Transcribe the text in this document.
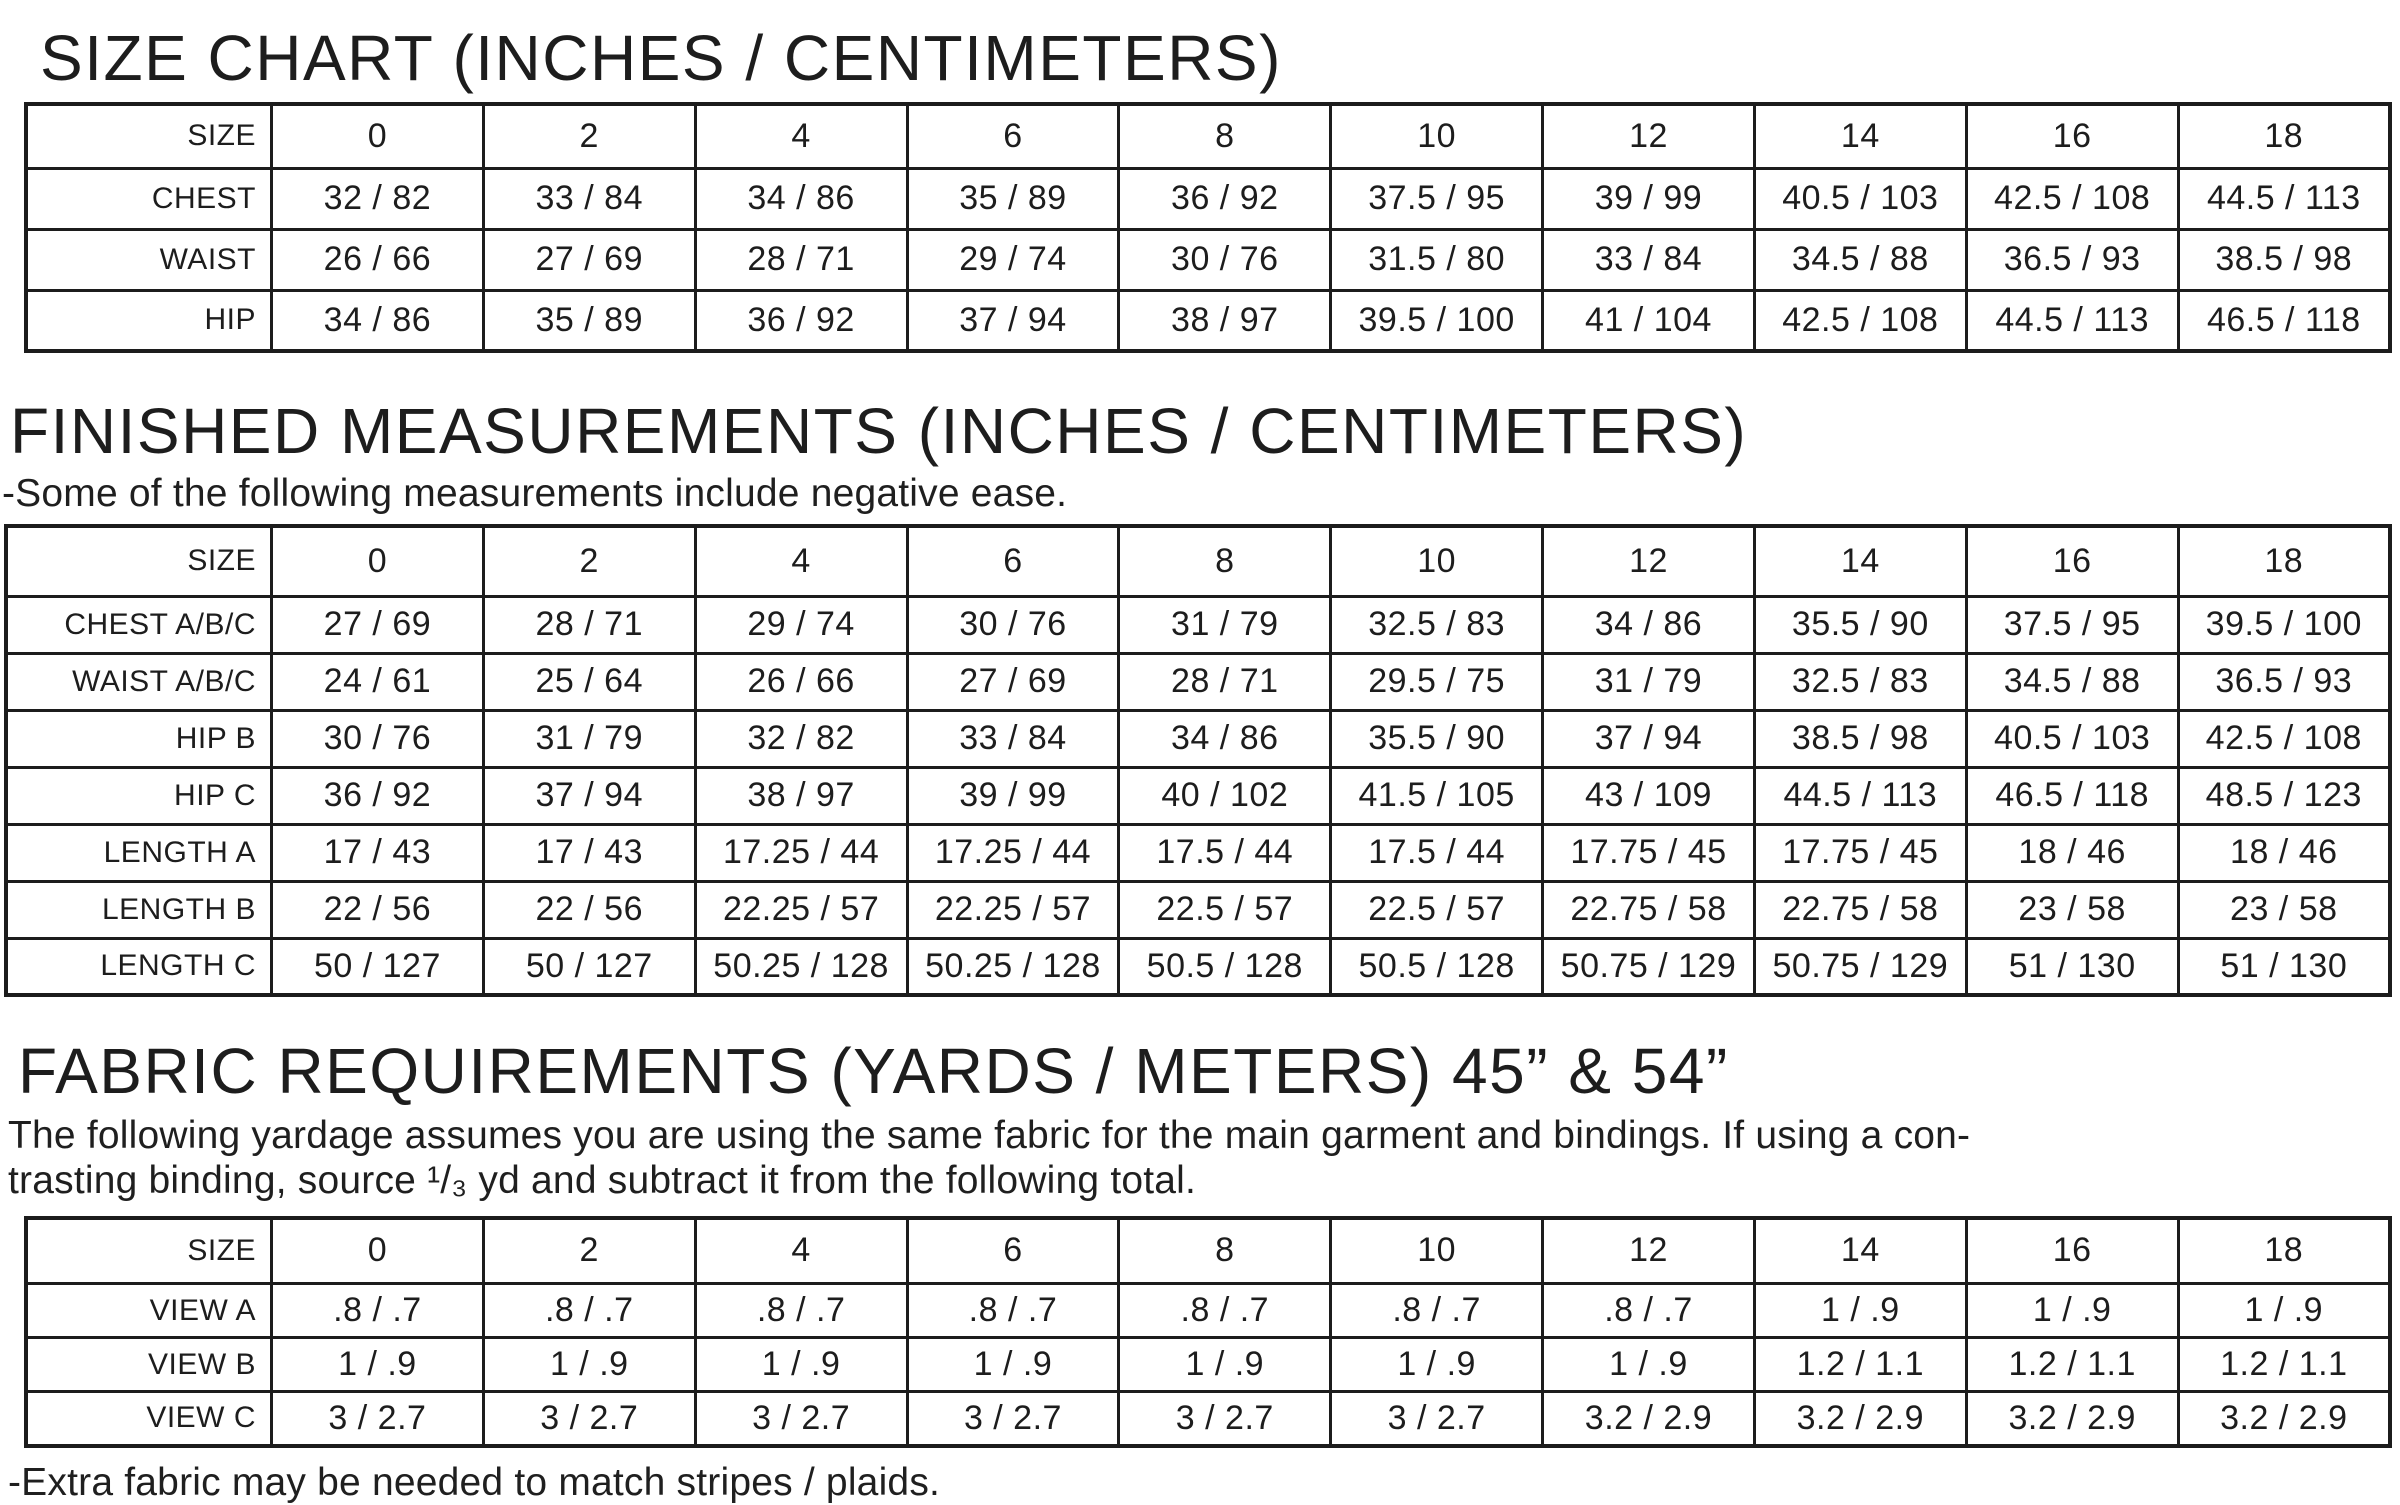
SIZE CHART (INCHES / CENTIMETERS)
SIZE	0	2	4	6	8	10	12	14	16	18
CHEST	32 / 82	33 / 84	34 / 86	35 / 89	36 / 92	37.5 / 95	39 / 99	40.5 / 103	42.5 / 108	44.5 / 113
WAIST	26 / 66	27 / 69	28 / 71	29 / 74	30 / 76	31.5 / 80	33 / 84	34.5 / 88	36.5 / 93	38.5 / 98
HIP	34 / 86	35 / 89	36 / 92	37 / 94	38 / 97	39.5 / 100	41 / 104	42.5 / 108	44.5 / 113	46.5 / 118
FINISHED MEASUREMENTS (INCHES / CENTIMETERS)
-Some of the following measurements include negative ease.
SIZE	0	2	4	6	8	10	12	14	16	18
CHEST A/B/C	27 / 69	28 / 71	29 / 74	30 / 76	31 / 79	32.5 / 83	34 / 86	35.5 / 90	37.5 / 95	39.5 / 100
WAIST A/B/C	24 / 61	25 / 64	26 / 66	27 / 69	28 / 71	29.5 / 75	31 / 79	32.5 / 83	34.5 / 88	36.5 / 93
HIP B	30 / 76	31 / 79	32 / 82	33 / 84	34 / 86	35.5 / 90	37 / 94	38.5 / 98	40.5 / 103	42.5 / 108
HIP C	36 / 92	37 / 94	38 / 97	39 / 99	40 / 102	41.5 / 105	43 / 109	44.5 / 113	46.5 / 118	48.5 / 123
LENGTH A	17 / 43	17 / 43	17.25 / 44	17.25 / 44	17.5 / 44	17.5 / 44	17.75 / 45	17.75 / 45	18 / 46	18 / 46
LENGTH B	22 / 56	22 / 56	22.25 / 57	22.25 / 57	22.5 / 57	22.5 / 57	22.75 / 58	22.75 / 58	23 / 58	23 / 58
LENGTH C	50 / 127	50 / 127	50.25 / 128	50.25 / 128	50.5 / 128	50.5 / 128	50.75 / 129	50.75 / 129	51 / 130	51 / 130
FABRIC REQUIREMENTS (YARDS / METERS) 45” & 54”
The following yardage assumes you are using the same fabric for the main garment and bindings. If using a con-
trasting binding, source ¹/₃ yd and subtract it from the following total.
SIZE	0	2	4	6	8	10	12	14	16	18
VIEW A	.8 / .7	.8 / .7	.8 / .7	.8 / .7	.8 / .7	.8 / .7	.8 / .7	1 / .9	1 / .9	1 / .9
VIEW B	1 / .9	1 / .9	1 / .9	1 / .9	1 / .9	1 / .9	1 / .9	1.2 / 1.1	1.2 / 1.1	1.2 / 1.1
VIEW C	3 / 2.7	3 / 2.7	3 / 2.7	3 / 2.7	3 / 2.7	3 / 2.7	3.2 / 2.9	3.2 / 2.9	3.2 / 2.9	3.2 / 2.9
-Extra fabric may be needed to match stripes / plaids.
